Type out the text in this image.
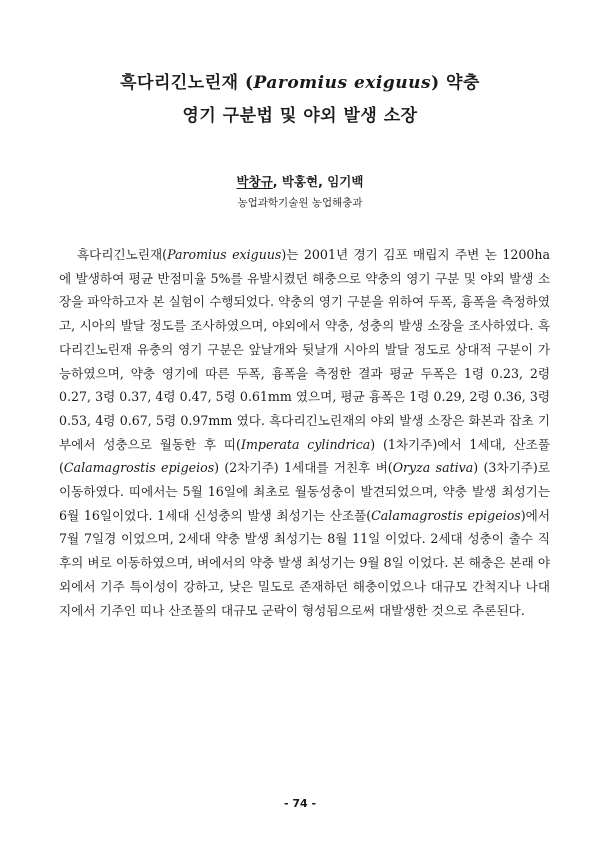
흑다리긴노린재 (Paromius exiguus) 약충
영기 구분법 및 야외 발생 소장
박창규, 박홍현, 임기백
농업과학기술원 농업해충과

흑다리긴노린재(Paromius exiguus)는 2001년 경기 김포 매립지 주변 논 1200ha에 발생하여 평균 반점미율 5%를 유발시켰던 해충으로 약충의 영기 구분 및 야외 발생 소장을 파악하고자 본 실험이 수행되었다. 약충의 영기 구분을 위하여 두폭, 흉폭을 측정하였고, 시아의 발달 정도를 조사하였으며, 야외에서 약충, 성충의 발생 소장을 조사하였다. 흑다리긴노린재 유충의 영기 구분은 앞날개와 뒷날개 시아의 발달 정도로 상대적 구분이 가능하였으며, 약충 영기에 따른 두폭, 흉폭을 측정한 결과 평균 두폭은 1령 0.23, 2령 0.27, 3령 0.37, 4령 0.47, 5령 0.61mm 였으며, 평균 흉폭은 1령 0.29, 2령 0.36, 3령 0.53, 4령 0.67, 5령 0.97mm 였다. 흑다리긴노린재의 야외 발생 소장은 화본과 잡초 기부에서 성충으로 월동한 후 띠(Imperata cylindrica) (1차기주)에서 1세대, 산조풀 (Calamagrostis epigeios) (2차기주) 1세대를 거친후 벼(Oryza sativa) (3차기주)로 이동하였다. 띠에서는 5월 16일에 최초로 월동성충이 발견되었으며, 약충 발생 최성기는 6월 16일이었다. 1세대 신성충의 발생 최성기는 산조풀(Calamagrostis epigeios)에서 7월 7일경 이었으며, 2세대 약충 발생 최성기는 8월 11일 이었다. 2세대 성충이 출수 직후의 벼로 이동하였으며, 벼에서의 약충 발생 최성기는 9월 8일 이었다. 본 해충은 본래 야외에서 기주 특이성이 강하고, 낮은 밀도로 존재하던 해충이었으나 대규모 간척지나 나대지에서 기주인 띠나 산조풀의 대규모 군락이 형성됨으로써 대발생한 것으로 추론된다.

- 74 -
